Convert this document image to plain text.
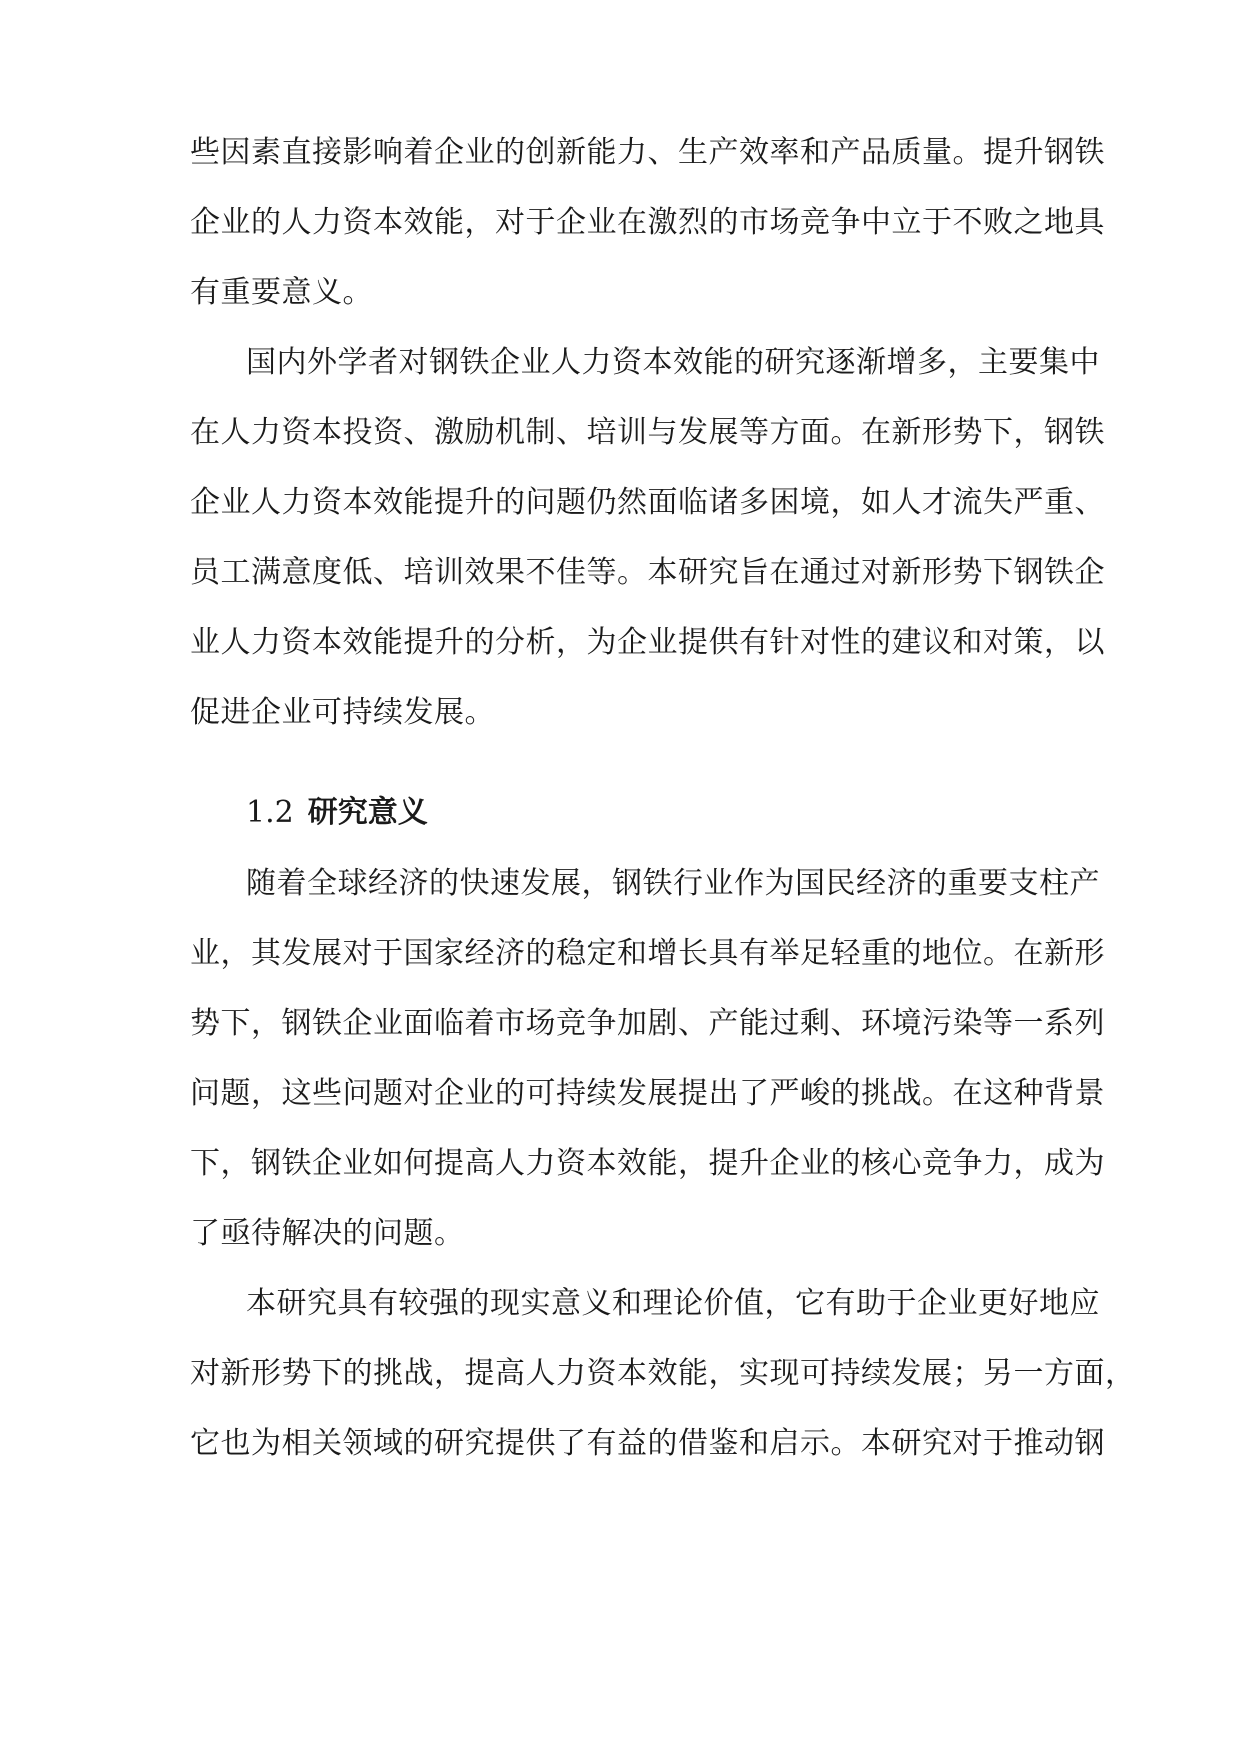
些因素直接影响着企业的创新能力、生产效率和产品质量。提升钢铁
企业的人力资本效能，对于企业在激烈的市场竞争中立于不败之地具
有重要意义。
国内外学者对钢铁企业人力资本效能的研究逐渐增多，主要集中
在人力资本投资、激励机制、培训与发展等方面。在新形势下，钢铁
企业人力资本效能提升的问题仍然面临诸多困境，如人才流失严重、
员工满意度低、培训效果不佳等。本研究旨在通过对新形势下钢铁企
业人力资本效能提升的分析，为企业提供有针对性的建议和对策，以
促进企业可持续发展。
1.2 研究意义
随着全球经济的快速发展，钢铁行业作为国民经济的重要支柱产
业，其发展对于国家经济的稳定和增长具有举足轻重的地位。在新形
势下，钢铁企业面临着市场竞争加剧、产能过剩、环境污染等一系列
问题，这些问题对企业的可持续发展提出了严峻的挑战。在这种背景
下，钢铁企业如何提高人力资本效能，提升企业的核心竞争力，成为
了亟待解决的问题。
本研究具有较强的现实意义和理论价值，它有助于企业更好地应
对新形势下的挑战，提高人力资本效能，实现可持续发展；另一方面，
它也为相关领域的研究提供了有益的借鉴和启示。本研究对于推动钢
